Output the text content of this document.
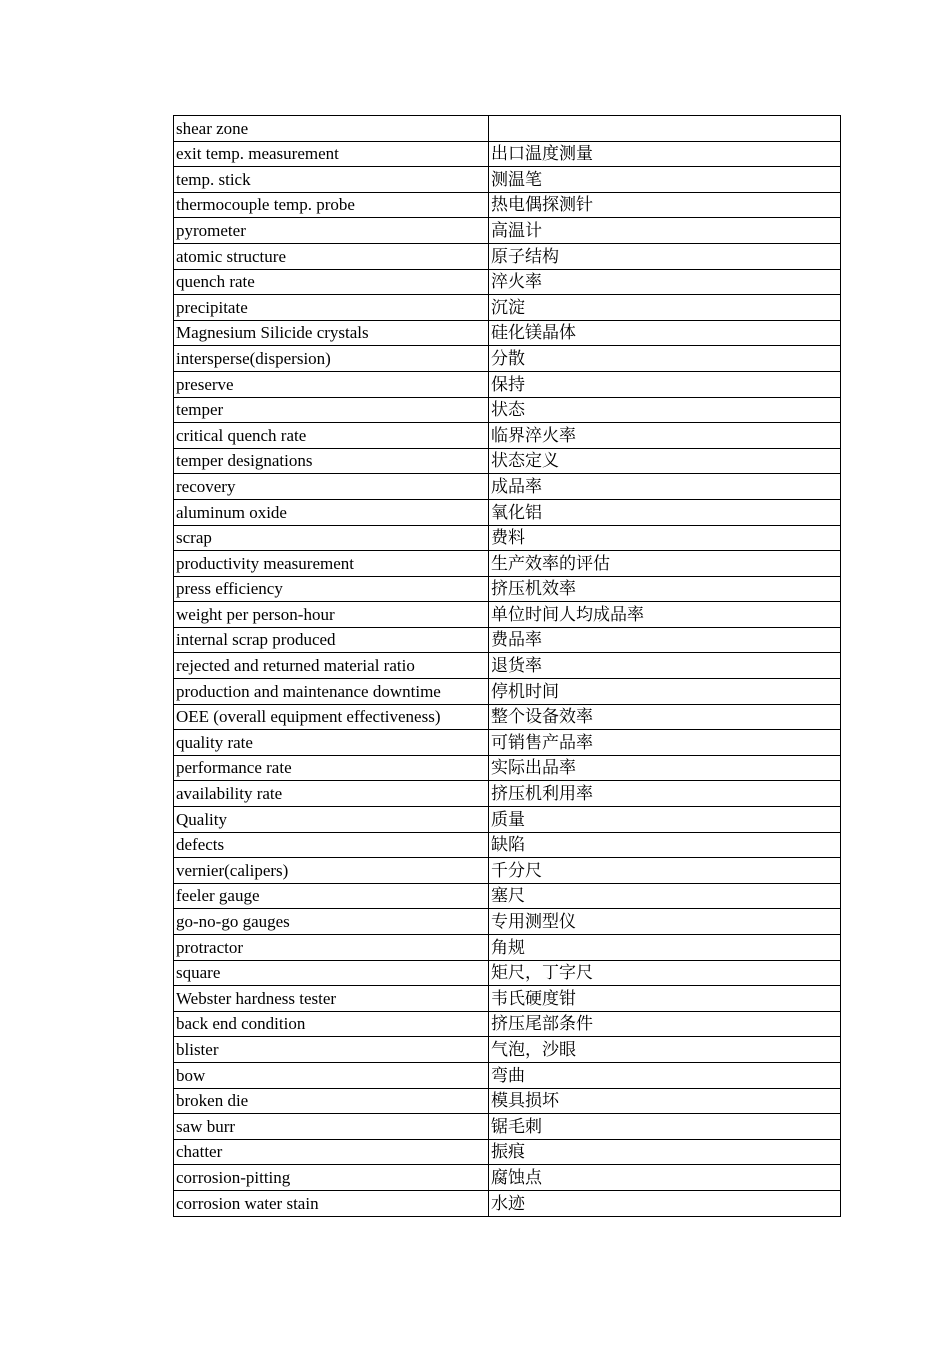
shear zone	
exit temp. measurement	出口温度测量
temp. stick	测温笔
thermocouple temp. probe	热电偶探测针
pyrometer	高温计
atomic structure	原子结构
quench rate	淬火率
precipitate	沉淀
Magnesium Silicide crystals	硅化镁晶体
intersperse(dispersion)	分散
preserve	保持
temper	状态
critical quench rate	临界淬火率
temper designations	状态定义
recovery	成品率
aluminum oxide	氧化铝
scrap	费料
productivity measurement	生产效率的评估
press efficiency	挤压机效率
weight per person-hour	单位时间人均成品率
internal scrap produced	费品率
rejected and returned material ratio	退货率
production and maintenance downtime	停机时间
OEE (overall equipment effectiveness)	整个设备效率
quality rate	可销售产品率
performance rate	实际出品率
availability rate	挤压机利用率
Quality	质量
defects	缺陷
vernier(calipers)	千分尺
feeler gauge	塞尺
go-no-go gauges	专用测型仪
protractor	角规
square	矩尺，丁字尺
Webster hardness tester	韦氏硬度钳
back end condition	挤压尾部条件
blister	气泡，沙眼
bow	弯曲
broken die	模具损坏
saw burr	锯毛刺
chatter	振痕
corrosion-pitting	腐蚀点
corrosion water stain	水迹
